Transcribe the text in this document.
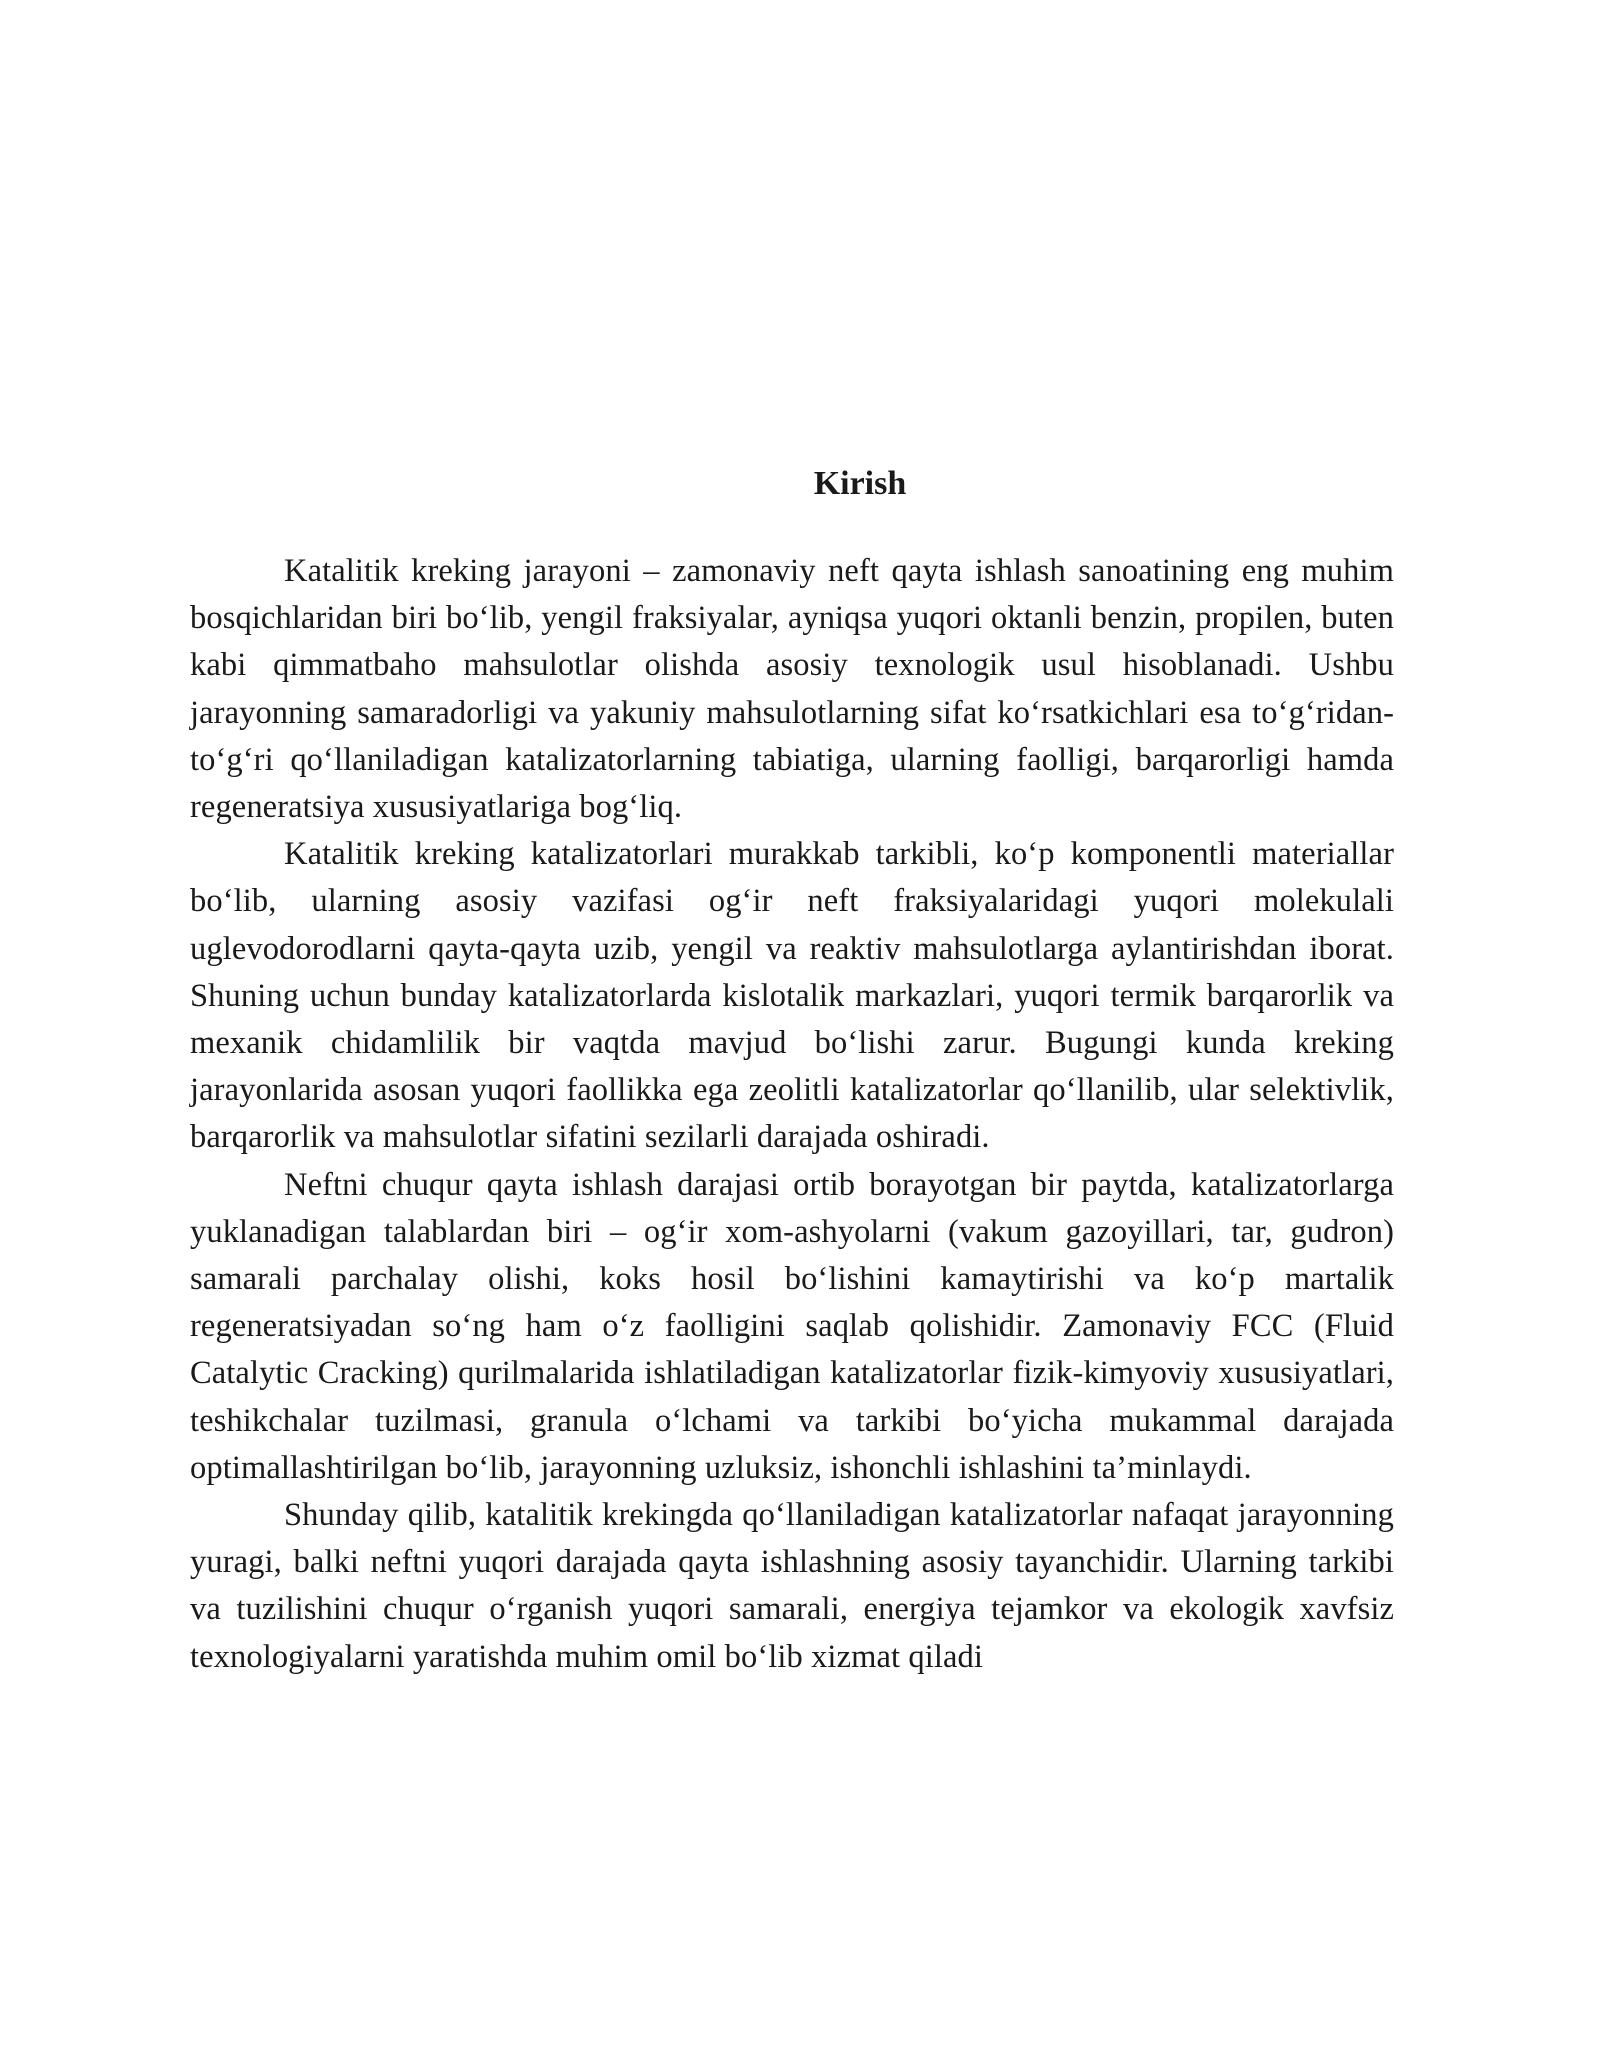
Kirish

Katalitik kreking jarayoni – zamonaviy neft qayta ishlash sanoatining eng muhim bosqichlaridan biri bo‘lib, yengil fraksiyalar, ayniqsa yuqori oktanli benzin, propilen, buten kabi qimmatbaho mahsulotlar olishda asosiy texnologik usul hisoblanadi. Ushbu jarayonning samaradorligi va yakuniy mahsulotlarning sifat ko‘rsatkichlari esa to‘g‘ridan-to‘g‘ri qo‘llaniladigan katalizatorlarning tabiatiga, ularning faolligi, barqarorligi hamda regeneratsiya xususiyatlariga bog‘liq.

Katalitik kreking katalizatorlari murakkab tarkibli, ko‘p komponentli materiallar bo‘lib, ularning asosiy vazifasi og‘ir neft fraksiyalaridagi yuqori molekulali uglevodorodlarni qayta-qayta uzib, yengil va reaktiv mahsulotlarga aylantirishdan iborat. Shuning uchun bunday katalizatorlarda kislotalik markazlari, yuqori termik barqarorlik va mexanik chidamlilik bir vaqtda mavjud bo‘lishi zarur. Bugungi kunda kreking jarayonlarida asosan yuqori faollikka ega zeolitli katalizatorlar qo‘llanilib, ular selektivlik, barqarorlik va mahsulotlar sifatini sezilarli darajada oshiradi.

Neftni chuqur qayta ishlash darajasi ortib borayotgan bir paytda, katalizatorlarga yuklanadigan talablardan biri – og‘ir xom-ashyolarni (vakum gazoyillari, tar, gudron) samarali parchalay olishi, koks hosil bo‘lishini kamaytirishi va ko‘p martalik regeneratsiyadan so‘ng ham o‘z faolligini saqlab qolishidir. Zamonaviy FCC (Fluid Catalytic Cracking) qurilmalarida ishlatiladigan katalizatorlar fizik-kimyoviy xususiyatlari, teshikchalar tuzilmasi, granula o‘lchami va tarkibi bo‘yicha mukammal darajada optimallashtirilgan bo‘lib, jarayonning uzluksiz, ishonchli ishlashini ta’minlaydi.

Shunday qilib, katalitik krekingda qo‘llaniladigan katalizatorlar nafaqat jarayonning yuragi, balki neftni yuqori darajada qayta ishlashning asosiy tayanchidir. Ularning tarkibi va tuzilishini chuqur o‘rganish yuqori samarali, energiya tejamkor va ekologik xavfsiz texnologiyalarni yaratishda muhim omil bo‘lib xizmat qiladi
